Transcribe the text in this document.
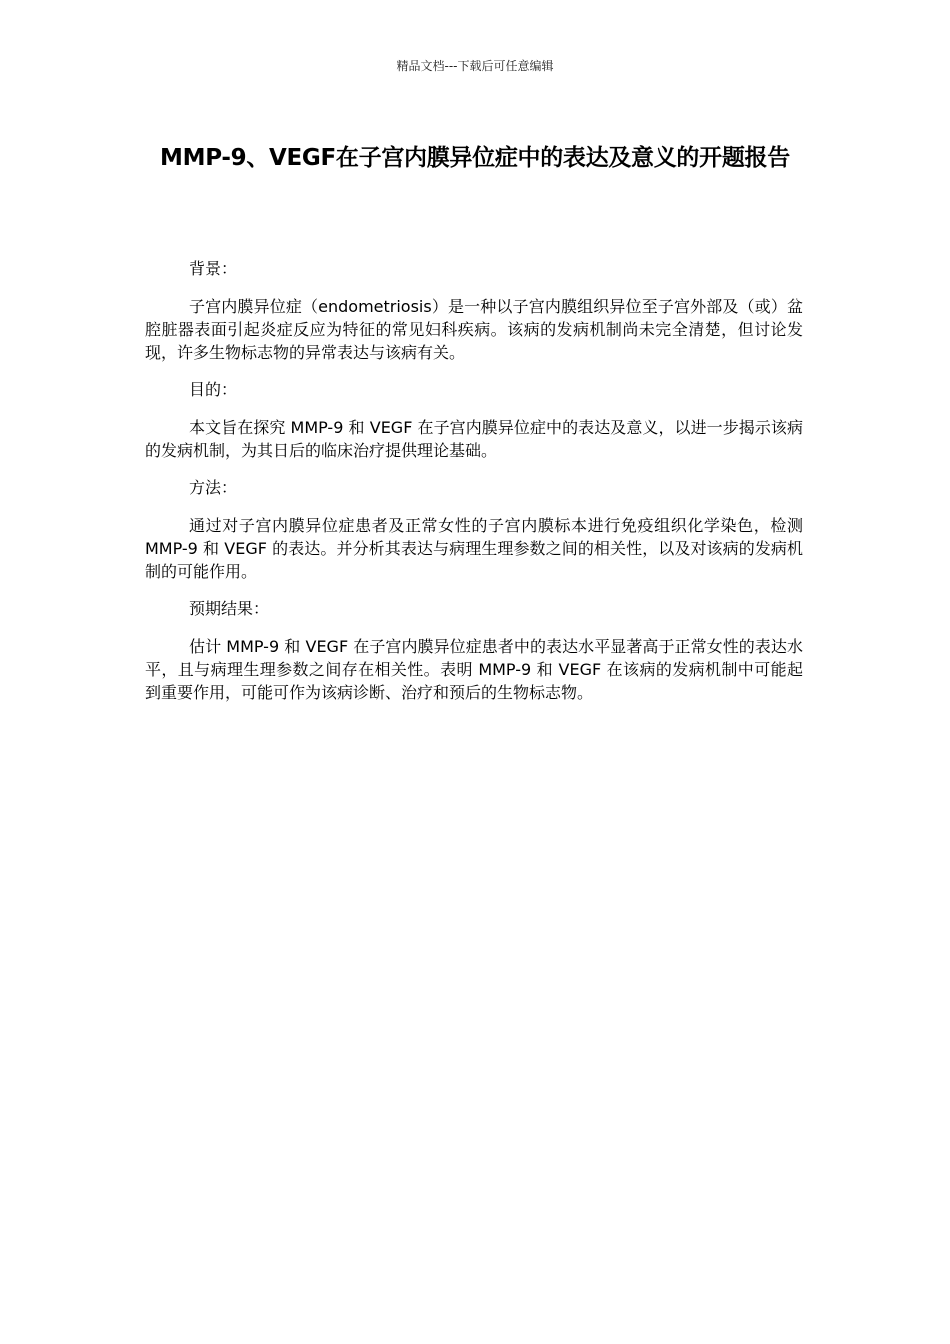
精品文档---下载后可任意编辑
MMP-9、VEGF在子宫内膜异位症中的表达及意义的开题报告

背景：

子宫内膜异位症（endometriosis）是一种以子宫内膜组织异位至子宫外部及（或）盆腔脏器表面引起炎症反应为特征的常见妇科疾病。该病的发病机制尚未完全清楚，但讨论发现，许多生物标志物的异常表达与该病有关。

目的：

本文旨在探究 MMP-9 和 VEGF 在子宫内膜异位症中的表达及意义，以进一步揭示该病的发病机制，为其日后的临床治疗提供理论基础。

方法：

通过对子宫内膜异位症患者及正常女性的子宫内膜标本进行免疫组织化学染色，检测 MMP-9 和 VEGF 的表达。并分析其表达与病理生理参数之间的相关性，以及对该病的发病机制的可能作用。

预期结果：

估计 MMP-9 和 VEGF 在子宫内膜异位症患者中的表达水平显著高于正常女性的表达水平，且与病理生理参数之间存在相关性。表明 MMP-9 和 VEGF 在该病的发病机制中可能起到重要作用，可能可作为该病诊断、治疗和预后的生物标志物。
